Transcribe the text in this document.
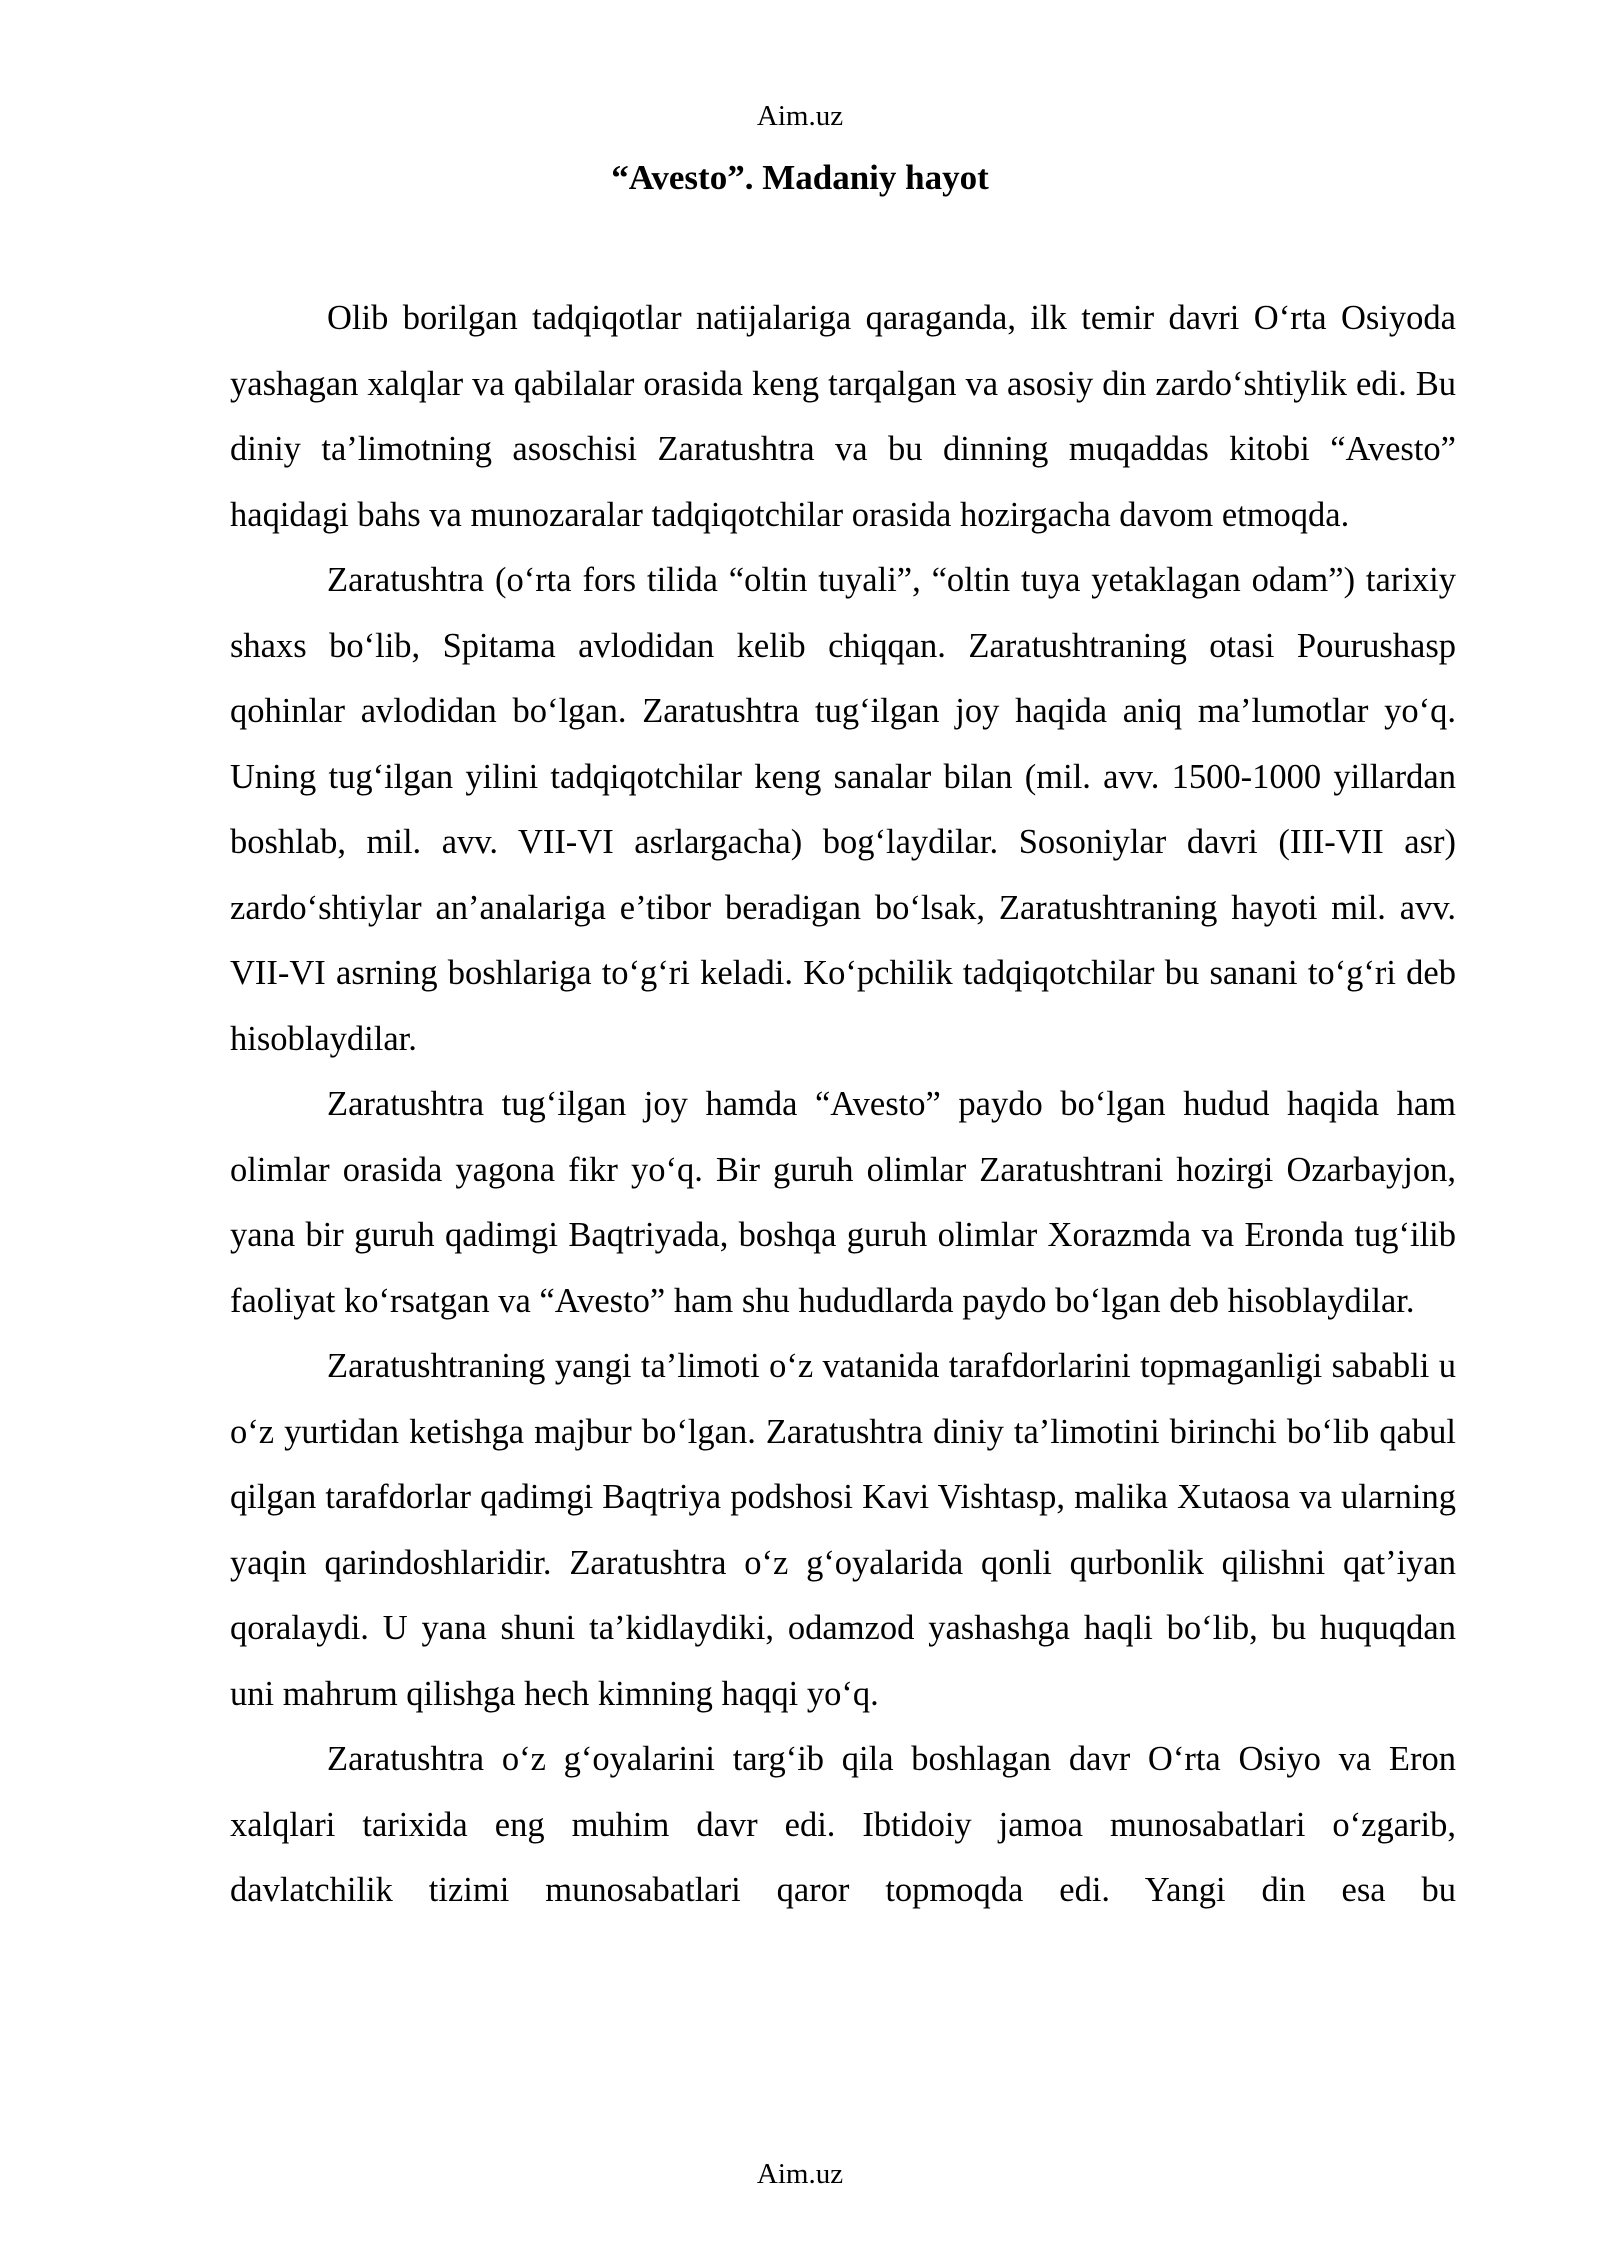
Aim.uz
“Avesto”. Madaniy hayot

Olib borilgan tadqiqotlar natijalariga qaraganda, ilk temir davri O‘rta Osiyoda yashagan xalqlar va qabilalar orasida keng tarqalgan va asosiy din zardo‘shtiylik edi. Bu diniy ta’limotning asoschisi Zaratushtra va bu dinning muqaddas kitobi “Avesto” haqidagi bahs va munozaralar tadqiqotchilar orasida hozirgacha davom etmoqda.

Zaratushtra (o‘rta fors tilida “oltin tuyali”, “oltin tuya yetaklagan odam”) tarixiy shaxs bo‘lib, Spitama avlodidan kelib chiqqan. Zaratushtraning otasi Pourushasp qohinlar avlodidan bo‘lgan. Zaratushtra tug‘ilgan joy haqida aniq ma’lumotlar yo‘q. Uning tug‘ilgan yilini tadqiqotchilar keng sanalar bilan (mil. avv. 1500-1000 yillardan boshlab, mil. avv. VII-VI asrlargacha) bog‘laydilar. Sosoniylar davri (III-VII asr) zardo‘shtiylar an’analariga e’tibor beradigan bo‘lsak, Zaratushtraning hayoti mil. avv. VII-VI asrning boshlariga to‘g‘ri keladi. Ko‘pchilik tadqiqotchilar bu sanani to‘g‘ri deb hisoblaydilar.

Zaratushtra tug‘ilgan joy hamda “Avesto” paydo bo‘lgan hudud haqida ham olimlar orasida yagona fikr yo‘q. Bir guruh olimlar Zaratushtrani hozirgi Ozarbayjon, yana bir guruh qadimgi Baqtriyada, boshqa guruh olimlar Xorazmda va Eronda tug‘ilib faoliyat ko‘rsatgan va “Avesto” ham shu hududlarda paydo bo‘lgan deb hisoblaydilar.

Zaratushtraning yangi ta’limoti o‘z vatanida tarafdorlarini topmaganligi sababli u o‘z yurtidan ketishga majbur bo‘lgan. Zaratushtra diniy ta’limotini birinchi bo‘lib qabul qilgan tarafdorlar qadimgi Baqtriya podshosi Kavi Vishtasp, malika Xutaosa va ularning yaqin qarindoshlaridir. Zaratushtra o‘z g‘oyalarida qonli qurbonlik qilishni qat’iyan qoralaydi. U yana shuni ta’kidlaydiki, odamzod yashashga haqli bo‘lib, bu huquqdan uni mahrum qilishga hech kimning haqqi yo‘q.

Zaratushtra o‘z g‘oyalarini targ‘ib qila boshlagan davr O‘rta Osiyo va Eron xalqlari tarixida eng muhim davr edi. Ibtidoiy jamoa munosabatlari o‘zgarib, davlatchilik tizimi munosabatlari qaror topmoqda edi. Yangi din esa bu

Aim.uz
